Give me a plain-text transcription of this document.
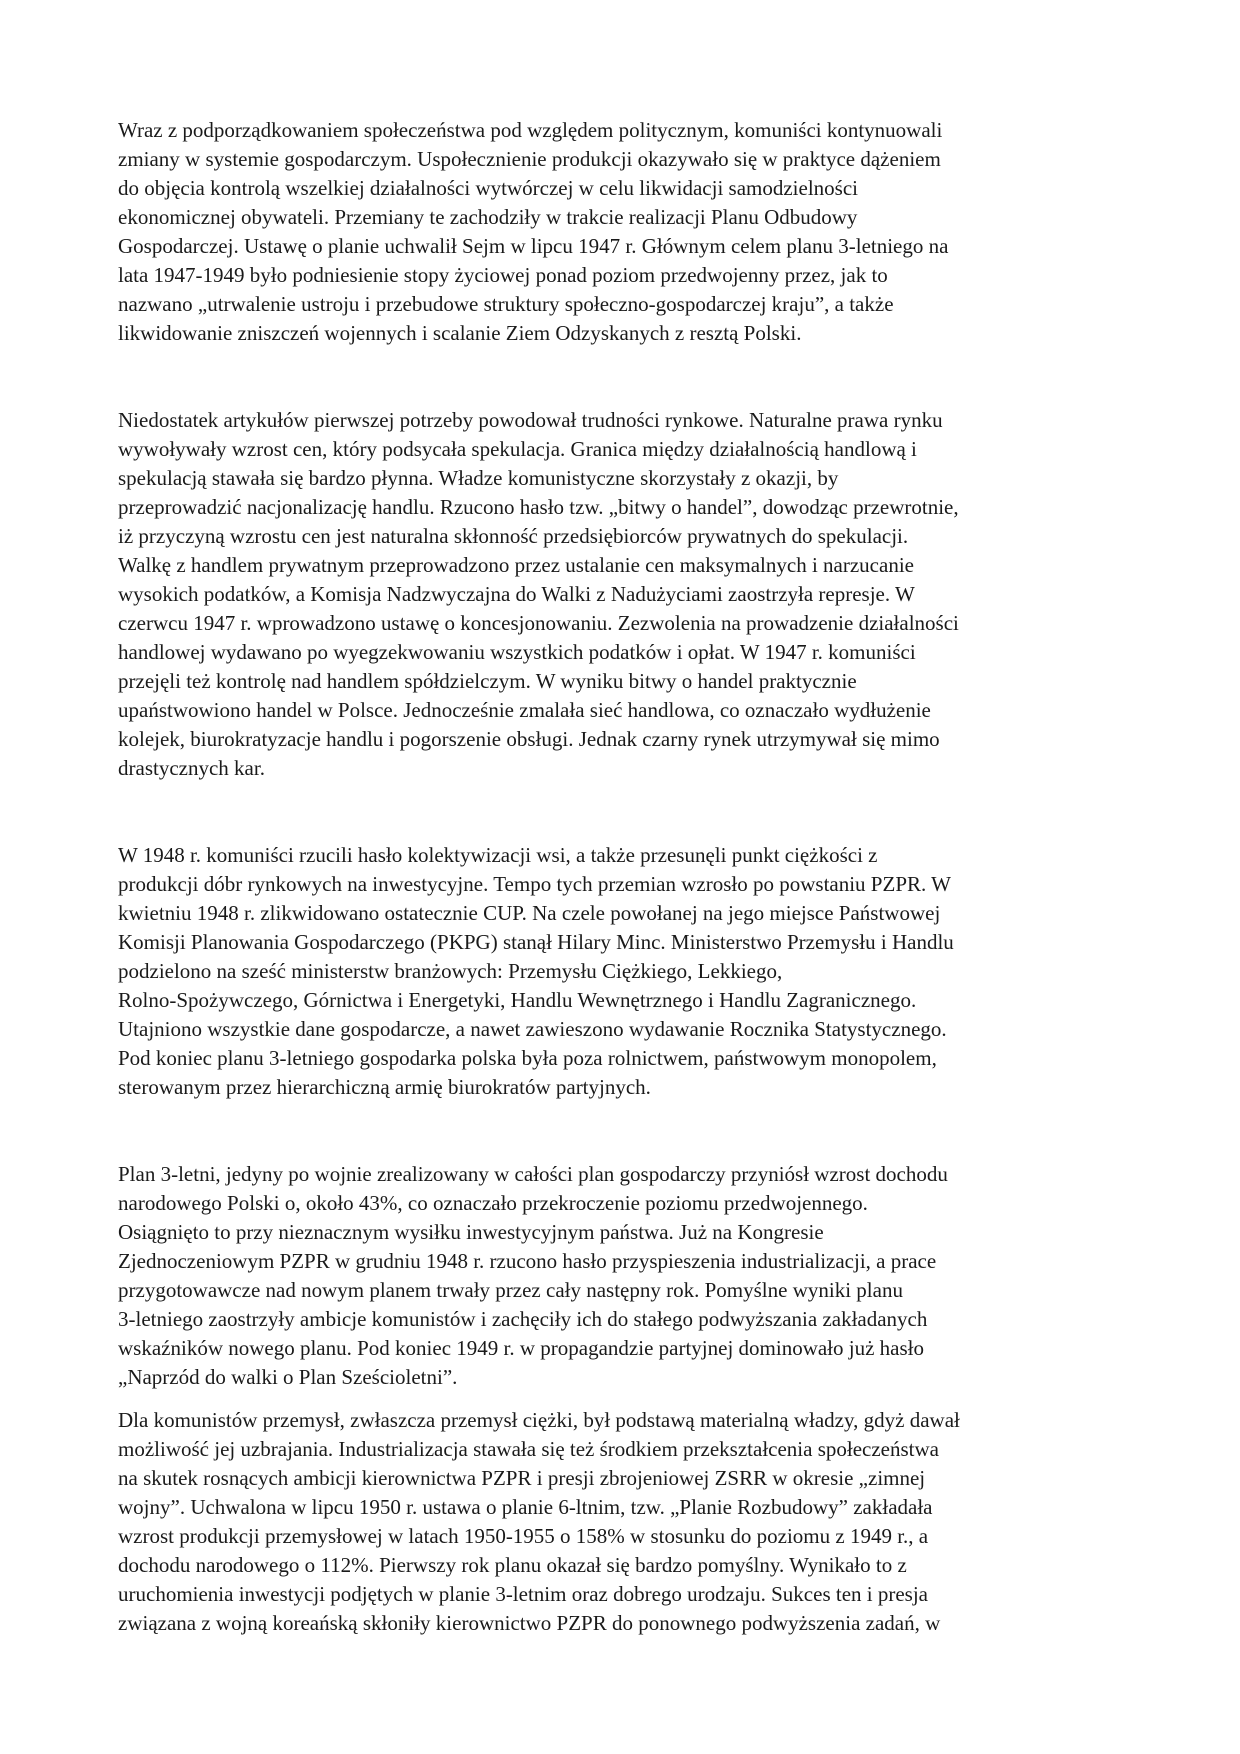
Wraz z podporządkowaniem społeczeństwa pod względem politycznym, komuniści kontynuowali
zmiany w systemie gospodarczym. Uspołecznienie produkcji okazywało się w praktyce dążeniem
do objęcia kontrolą wszelkiej działalności wytwórczej w celu likwidacji samodzielności
ekonomicznej obywateli. Przemiany te zachodziły w trakcie realizacji Planu Odbudowy
Gospodarczej. Ustawę o planie uchwalił Sejm w lipcu 1947 r. Głównym celem planu 3-letniego na
lata 1947-1949 było podniesienie stopy życiowej ponad poziom przedwojenny przez, jak to
nazwano „utrwalenie ustroju i przebudowe struktury społeczno-gospodarczej kraju”, a także
likwidowanie zniszczeń wojennych i scalanie Ziem Odzyskanych z resztą Polski.
Niedostatek artykułów pierwszej potrzeby powodował trudności rynkowe. Naturalne prawa rynku
wywoływały wzrost cen, który podsycała spekulacja. Granica między działalnością handlową i
spekulacją stawała się bardzo płynna. Władze komunistyczne skorzystały z okazji, by
przeprowadzić nacjonalizację handlu. Rzucono hasło tzw. „bitwy o handel”, dowodząc przewrotnie,
iż przyczyną wzrostu cen jest naturalna skłonność przedsiębiorców prywatnych do spekulacji.
Walkę z handlem prywatnym przeprowadzono przez ustalanie cen maksymalnych i narzucanie
wysokich podatków, a Komisja Nadzwyczajna do Walki z Nadużyciami zaostrzyła represje. W
czerwcu 1947 r. wprowadzono ustawę o koncesjonowaniu. Zezwolenia na prowadzenie działalności
handlowej wydawano po wyegzekwowaniu wszystkich podatków i opłat. W 1947 r. komuniści
przejęli też kontrolę nad handlem spółdzielczym. W wyniku bitwy o handel praktycznie
upaństwowiono handel w Polsce. Jednocześnie zmalała sieć handlowa, co oznaczało wydłużenie
kolejek, biurokratyzacje handlu i pogorszenie obsługi. Jednak czarny rynek utrzymywał się mimo
drastycznych kar.
W 1948 r. komuniści rzucili hasło kolektywizacji wsi, a także przesunęli punkt ciężkości z
produkcji dóbr rynkowych na inwestycyjne. Tempo tych przemian wzrosło po powstaniu PZPR. W
kwietniu 1948 r. zlikwidowano ostatecznie CUP. Na czele powołanej na jego miejsce Państwowej
Komisji Planowania Gospodarczego (PKPG) stanął Hilary Minc. Ministerstwo Przemysłu i Handlu
podzielono na sześć ministerstw branżowych: Przemysłu Ciężkiego, Lekkiego,
Rolno-Spożywczego, Górnictwa i Energetyki, Handlu Wewnętrznego i Handlu Zagranicznego.
Utajniono wszystkie dane gospodarcze, a nawet zawieszono wydawanie Rocznika Statystycznego.
Pod koniec planu 3-letniego gospodarka polska była poza rolnictwem, państwowym monopolem,
sterowanym przez hierarchiczną armię biurokratów partyjnych.
Plan 3-letni, jedyny po wojnie zrealizowany w całości plan gospodarczy przyniósł wzrost dochodu
narodowego Polski o, około 43%, co oznaczało przekroczenie poziomu przedwojennego.
Osiągnięto to przy nieznacznym wysiłku inwestycyjnym państwa. Już na Kongresie
Zjednoczeniowym PZPR w grudniu 1948 r. rzucono hasło przyspieszenia industrializacji, a prace
przygotowawcze nad nowym planem trwały przez cały następny rok. Pomyślne wyniki planu
3-letniego zaostrzyły ambicje komunistów i zachęciły ich do stałego podwyższania zakładanych
wskaźników nowego planu. Pod koniec 1949 r. w propagandzie partyjnej dominowało już hasło
„Naprzód do walki o Plan Sześcioletni”.
Dla komunistów przemysł, zwłaszcza przemysł ciężki, był podstawą materialną władzy, gdyż dawał
możliwość jej uzbrajania. Industrializacja stawała się też środkiem przekształcenia społeczeństwa
na skutek rosnących ambicji kierownictwa PZPR i presji zbrojeniowej ZSRR w okresie „zimnej
wojny”. Uchwalona w lipcu 1950 r. ustawa o planie 6-ltnim, tzw. „Planie Rozbudowy” zakładała
wzrost produkcji przemysłowej w latach 1950-1955 o 158% w stosunku do poziomu z 1949 r., a
dochodu narodowego o 112%. Pierwszy rok planu okazał się bardzo pomyślny. Wynikało to z
uruchomienia inwestycji podjętych w planie 3-letnim oraz dobrego urodzaju. Sukces ten i presja
związana z wojną koreańską skłoniły kierownictwo PZPR do ponownego podwyższenia zadań, w
